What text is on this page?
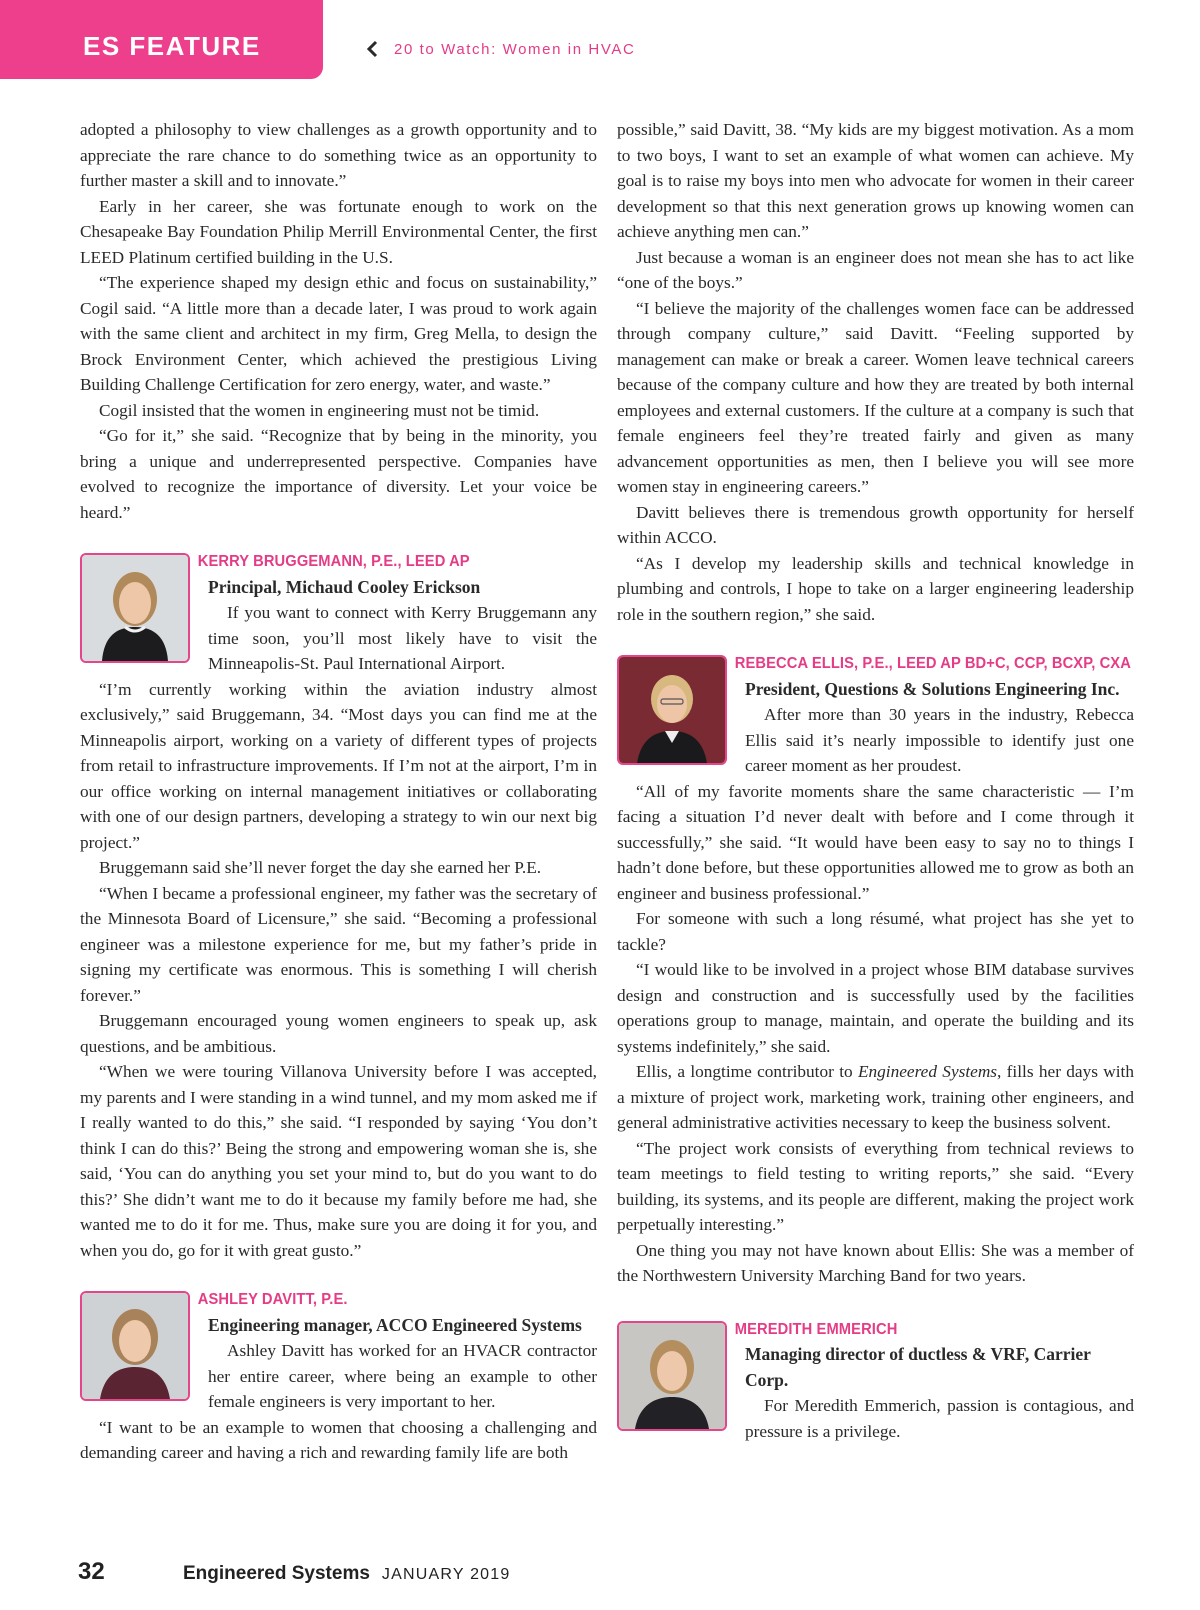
ES FEATURE	20 to Watch: Women in HVAC

adopted a philosophy to view challenges as a growth opportunity and to appreciate the rare chance to do something twice as an opportunity to further master a skill and to innovate.”

Early in her career, she was fortunate enough to work on the Chesapeake Bay Foundation Philip Merrill Environmental Center, the first LEED Platinum certified building in the U.S.

“The experience shaped my design ethic and focus on sustainability,” Cogil said. “A little more than a decade later, I was proud to work again with the same client and architect in my firm, Greg Mella, to design the Brock Environment Center, which achieved the prestigious Living Building Challenge Certification for zero energy, water, and waste.”

Cogil insisted that the women in engineering must not be timid.

“Go for it,” she said. “Recognize that by being in the minority, you bring a unique and underrepresented perspective. Companies have evolved to recognize the importance of diversity. Let your voice be heard.”

KERRY BRUGGEMANN, P.E., LEED AP
Principal, Michaud Cooley Erickson

If you want to connect with Kerry Bruggemann any time soon, you’ll most likely have to visit the Minneapolis-St. Paul International Airport.

“I’m currently working within the aviation industry almost exclusively,” said Bruggemann, 34. “Most days you can find me at the Minneapolis airport, working on a variety of different types of projects from retail to infrastructure improvements. If I’m not at the airport, I’m in our office working on internal management initiatives or collaborating with one of our design partners, developing a strategy to win our next big project.”

Bruggemann said she’ll never forget the day she earned her P.E.

“When I became a professional engineer, my father was the secretary of the Minnesota Board of Licensure,” she said. “Becoming a professional engineer was a milestone experience for me, but my father’s pride in signing my certificate was enormous. This is something I will cherish forever.”

Bruggemann encouraged young women engineers to speak up, ask questions, and be ambitious.

“When we were touring Villanova University before I was accepted, my parents and I were standing in a wind tunnel, and my mom asked me if I really wanted to do this,” she said. “I responded by saying ‘You don’t think I can do this?’ Being the strong and empowering woman she is, she said, ‘You can do anything you set your mind to, but do you want to do this?’ She didn’t want me to do it because my family before me had, she wanted me to do it for me. Thus, make sure you are doing it for you, and when you do, go for it with great gusto.”

ASHLEY DAVITT, P.E.
Engineering manager, ACCO Engineered Systems

Ashley Davitt has worked for an HVACR contractor her entire career, where being an example to other female engineers is very important to her.

“I want to be an example to women that choosing a challenging and demanding career and having a rich and rewarding family life are both

possible,” said Davitt, 38. “My kids are my biggest motivation. As a mom to two boys, I want to set an example of what women can achieve. My goal is to raise my boys into men who advocate for women in their career development so that this next generation grows up knowing women can achieve anything men can.”

Just because a woman is an engineer does not mean she has to act like “one of the boys.”

“I believe the majority of the challenges women face can be addressed through company culture,” said Davitt. “Feeling supported by management can make or break a career. Women leave technical careers because of the company culture and how they are treated by both internal employees and external customers. If the culture at a company is such that female engineers feel they’re treated fairly and given as many advancement opportunities as men, then I believe you will see more women stay in engineering careers.”

Davitt believes there is tremendous growth opportunity for herself within ACCO.

“As I develop my leadership skills and technical knowledge in plumbing and controls, I hope to take on a larger engineering leadership role in the southern region,” she said.

REBECCA ELLIS, P.E., LEED AP BD+C, CCP, BCXP, CXA
President, Questions & Solutions Engineering Inc.

After more than 30 years in the industry, Rebecca Ellis said it’s nearly impossible to identify just one career moment as her proudest.

“All of my favorite moments share the same characteristic — I’m facing a situation I’d never dealt with before and I come through it successfully,” she said. “It would have been easy to say no to things I hadn’t done before, but these opportunities allowed me to grow as both an engineer and business professional.”

For someone with such a long résumé, what project has she yet to tackle?

“I would like to be involved in a project whose BIM database survives design and construction and is successfully used by the facilities operations group to manage, maintain, and operate the building and its systems indefinitely,” she said.

Ellis, a longtime contributor to Engineered Systems, fills her days with a mixture of project work, marketing work, training other engineers, and general administrative activities necessary to keep the business solvent.

“The project work consists of everything from technical reviews to team meetings to field testing to writing reports,” she said. “Every building, its systems, and its people are different, making the project work perpetually interesting.”

One thing you may not have known about Ellis: She was a member of the Northwestern University Marching Band for two years.

MEREDITH EMMERICH
Managing director of ductless & VRF, Carrier Corp.

For Meredith Emmerich, passion is contagious, and pressure is a privilege.

32	Engineered Systems JANUARY 2019
